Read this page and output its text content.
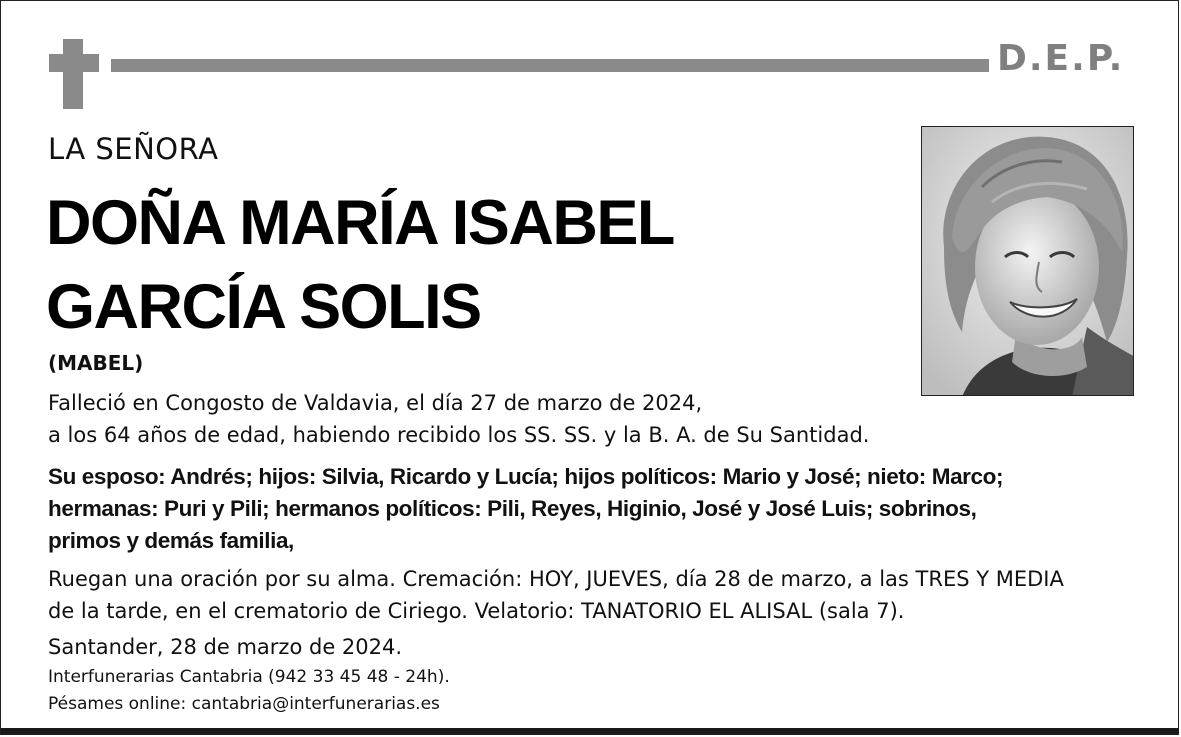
D.E.P.
LA SEÑORA
DOÑA MARÍA ISABEL
GARCÍA SOLIS
(MABEL)
Falleció en Congosto de Valdavia, el día 27 de marzo de 2024,
a los 64 años de edad, habiendo recibido los SS. SS. y la B. A. de Su Santidad.
Su esposo: Andrés; hijos: Silvia, Ricardo y Lucía; hijos políticos: Mario y José; nieto: Marco;
hermanas: Puri y Pili; hermanos políticos: Pili, Reyes, Higinio, José y José Luis; sobrinos,
primos y demás familia,
Ruegan una oración por su alma. Cremación: HOY, JUEVES, día 28 de marzo, a las TRES Y MEDIA
de la tarde, en el crematorio de Ciriego. Velatorio: TANATORIO EL ALISAL (sala 7).
Santander, 28 de marzo de 2024.
Interfunerarias Cantabria (942 33 45 48 - 24h).
Pésames online: cantabria@interfunerarias.es
